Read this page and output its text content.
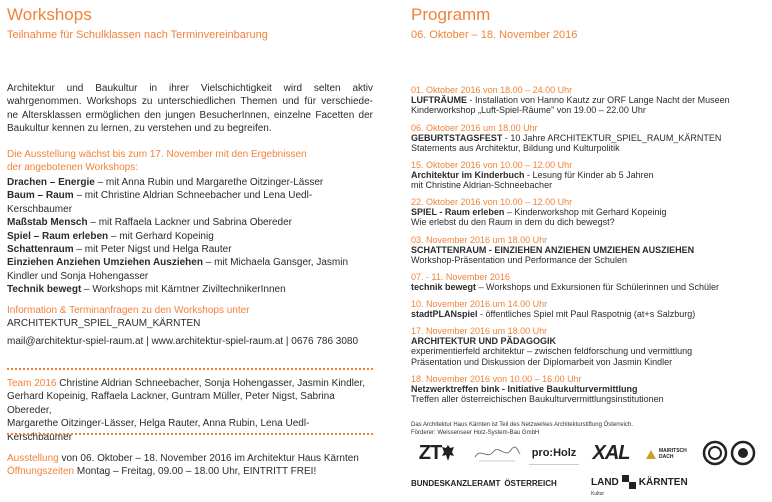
Workshops
Teilnahme für Schulklassen nach Terminvereinbarung
Architektur und Baukultur in ihrer Vielschichtigkeit wird selten aktiv
wahrgenommen. Workshops zu unterschiedlichen Themen und für verschiede-
ne Altersklassen ermöglichen den jungen BesucherInnen, einzelne Facetten der
Baukultur kennen zu lernen, zu verstehen und zu begreifen.
Die Ausstellung wächst bis zum 17. November mit den Ergebnissen
der angebotenen Workshops:
Drachen – Energie – mit Anna Rubin und Margarethe Oitzinger-Lässer
Baum – Raum – mit Christine Aldrian Schneebacher und Lena Uedl-Kerschbaumer
Maßstab Mensch – mit Raffaela Lackner und Sabrina Obereder
Spiel – Raum erleben – mit Gerhard Kopeinig
Schattenraum – mit Peter Nigst und Helga Rauter
Einziehen Anziehen Umziehen Ausziehen – mit Michaela Gansger, Jasmin
Kindler und Sonja Hohengasser
Technik bewegt – Workshops mit Kärntner ZiviltechnikerInnen
Information & Terminanfragen zu den Workshops unter
ARCHITEKTUR_SPIEL_RAUM_KÄRNTEN
mail@architektur-spiel-raum.at | www.architektur-spiel-raum.at | 0676 786 3080
Team 2016 Christine Aldrian Schneebacher, Sonja Hohengasser, Jasmin Kindler,
Gerhard Kopeinig, Raffaela Lackner, Guntram Müller, Peter Nigst, Sabrina Obereder,
Margarethe Oitzinger-Lässer, Helga Rauter, Anna Rubin, Lena Uedl-Kerschbaumer
Ausstellung von 06. Oktober – 18. November 2016 im Architektur Haus Kärnten
Öffnungszeiten Montag – Freitag, 09.00 – 18.00 Uhr, EINTRITT FREI!
Programm
06. Oktober – 18. November 2016
01. Oktober 2016 von 18.00 – 24.00 Uhr
LUFTRÄUME - Installation von Hanno Kautz zur ORF Lange Nacht der Museen
Kinderworkshop „Luft-Spiel-Räume" von 19.00 – 22.00 Uhr
06. Oktober 2016 um 18.00 Uhr
GEBURTSTAGSFEST - 10 Jahre ARCHITEKTUR_SPIEL_RAUM_KÄRNTEN
Statements aus Architektur, Bildung und Kulturpolitik
15. Oktober 2016 von 10.00 – 12.00 Uhr
Architektur im Kinderbuch - Lesung für Kinder ab 5 Jahren
mit Christine Aldrian-Schneebacher
22. Oktober 2016 von 10.00 – 12.00 Uhr
SPIEL - Raum erleben – Kinderworkshop mit Gerhard Kopeinig
Wie erlebst du den Raum in dem du dich bewegst?
03. November 2016 um 18.00 Uhr
SCHATTENRAUM - EINZIEHEN ANZIEHEN UMZIEHEN AUSZIEHEN
Workshop-Präsentation und Performance der Schulen
07. - 11. November 2016
technik bewegt – Workshops und Exkursionen für Schülerinnen und Schüler
10. November 2016 um 14.00 Uhr
stadtPLANspiel - öffentliches Spiel mit Paul Raspotnig (at+s Salzburg)
17. November 2016 um 18.00 Uhr
ARCHITEKTUR UND PÄDAGOGIK
experimentierfeld architektur – zwischen feldforschung und vermittlung
Präsentation und Diskussion der Diplomarbeit von Jasmin Kindler
18. November 2016 von 10.00 – 16.00 Uhr
Netzwerktreffen bink - Initiative Baukulturvermittlung
Treffen aller österreichischen Baukulturvermittlungsinstitutionen
Das Architektur Haus Kärnten ist Teil des Netzwerkes Architekturstiftung Österreich.
Förderer: Weissenseer Holz-System-Bau GmbH
ZT	pro:Holz XAL	MAIRITSCH DACH
BUNDESKANZLERAMT ÖSTERREICH	LAND KÄRNTEN
Kultur
